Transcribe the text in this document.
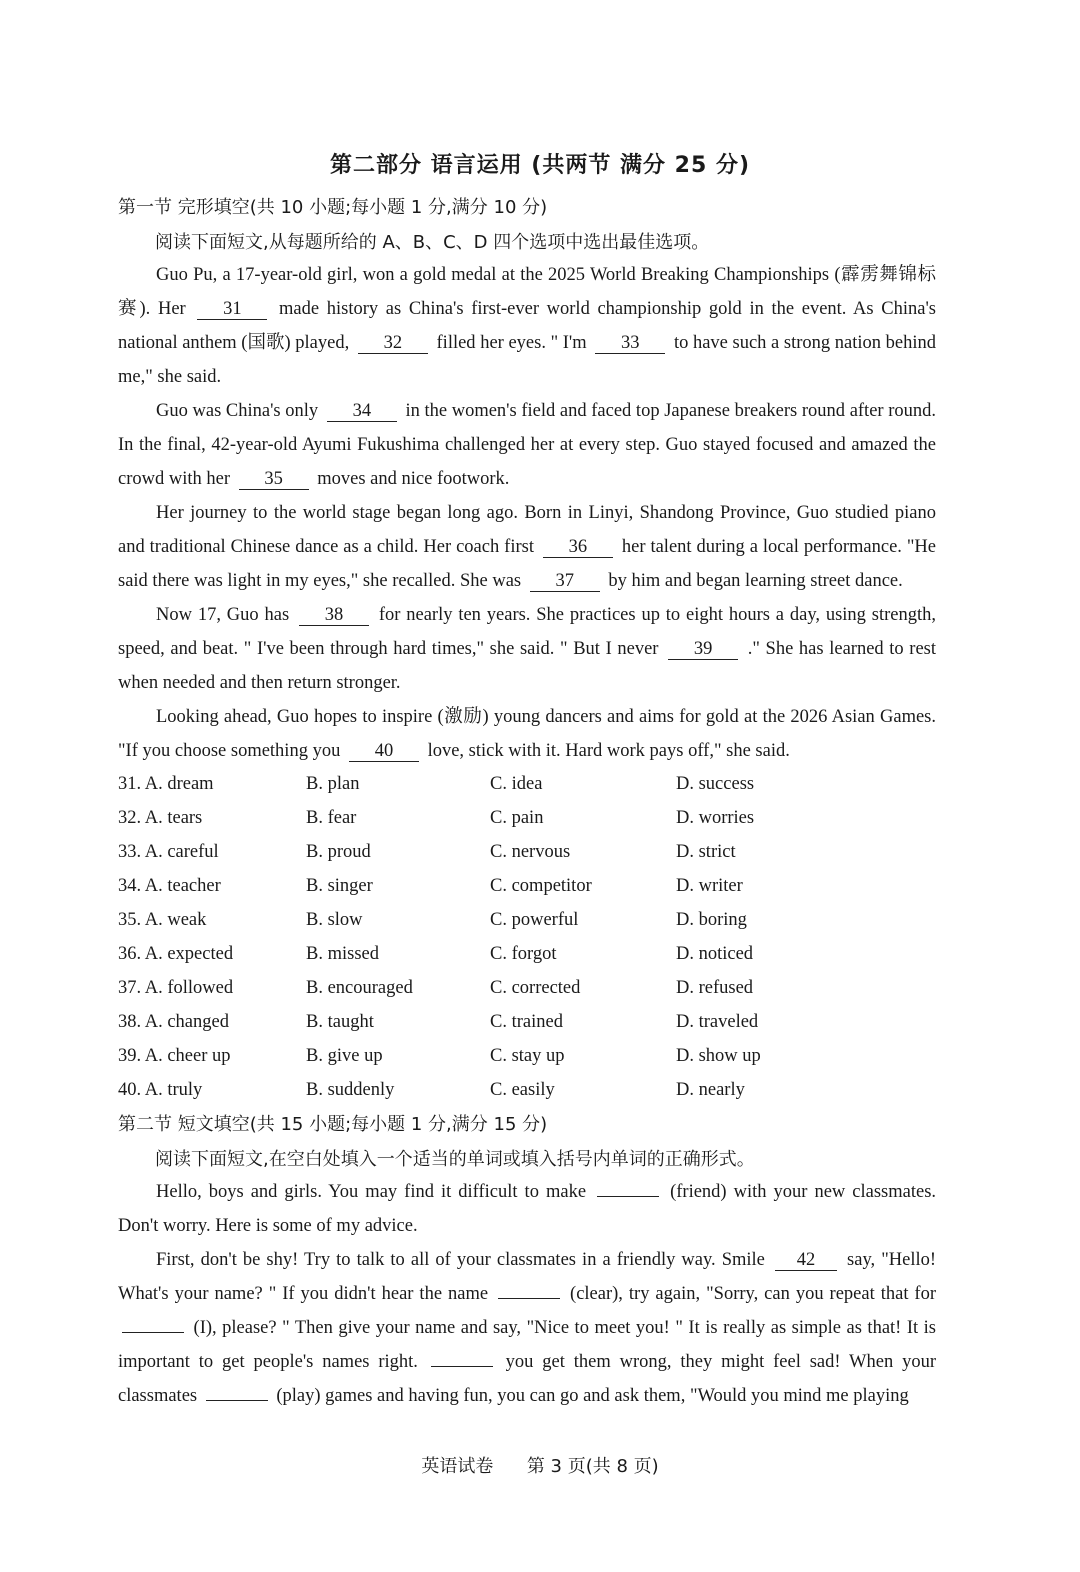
第二部分 语言运用 (共两节 满分 25 分)
第一节 完形填空(共 10 小题;每小题 1 分,满分 10 分)
阅读下面短文,从每题所给的 A、B、C、D 四个选项中选出最佳选项。
Guo Pu, a 17-year-old girl, won a gold medal at the 2025 World Breaking Championships (霹雳舞锦标赛). Her 31 made history as China's first-ever world championship gold in the event. As China's national anthem (国歌) played, 32 filled her eyes. " I'm 33 to have such a strong nation behind me," she said.
Guo was China's only 34 in the women's field and faced top Japanese breakers round after round. In the final, 42-year-old Ayumi Fukushima challenged her at every step. Guo stayed focused and amazed the crowd with her 35 moves and nice footwork.
Her journey to the world stage began long ago. Born in Linyi, Shandong Province, Guo studied piano and traditional Chinese dance as a child. Her coach first 36 her talent during a local performance. "He said there was light in my eyes," she recalled. She was 37 by him and began learning street dance.
Now 17, Guo has 38 for nearly ten years. She practices up to eight hours a day, using strength, speed, and beat. " I've been through hard times," she said. " But I never 39 ." She has learned to rest when needed and then return stronger.
Looking ahead, Guo hopes to inspire (激励) young dancers and aims for gold at the 2026 Asian Games. "If you choose something you 40 love, stick with it. Hard work pays off," she said.
31. A. dream	B. plan	C. idea	D. success
32. A. tears	B. fear	C. pain	D. worries
33. A. careful	B. proud	C. nervous	D. strict
34. A. teacher	B. singer	C. competitor	D. writer
35. A. weak	B. slow	C. powerful	D. boring
36. A. expected	B. missed	C. forgot	D. noticed
37. A. followed	B. encouraged	C. corrected	D. refused
38. A. changed	B. taught	C. trained	D. traveled
39. A. cheer up	B. give up	C. stay up	D. show up
40. A. truly	B. suddenly	C. easily	D. nearly
第二节 短文填空(共 15 小题;每小题 1 分,满分 15 分)
阅读下面短文,在空白处填入一个适当的单词或填入括号内单词的正确形式。
Hello, boys and girls. You may find it difficult to make	(friend) with your new classmates. Don't worry. Here is some of my advice.
First, don't be shy! Try to talk to all of your classmates in a friendly way. Smile 42 say, "Hello! What's your name? " If you didn't hear the name	(clear), try again, "Sorry, can you repeat that for  (I), please? " Then give your name and say, "Nice to meet you! " It is really as simple as that! It is important to get people's names right.	you get them wrong, they might feel sad! When your classmates	(play) games and having fun, you can go and ask them, "Would you mind me playing
英语试卷 第 3 页(共 8 页)
